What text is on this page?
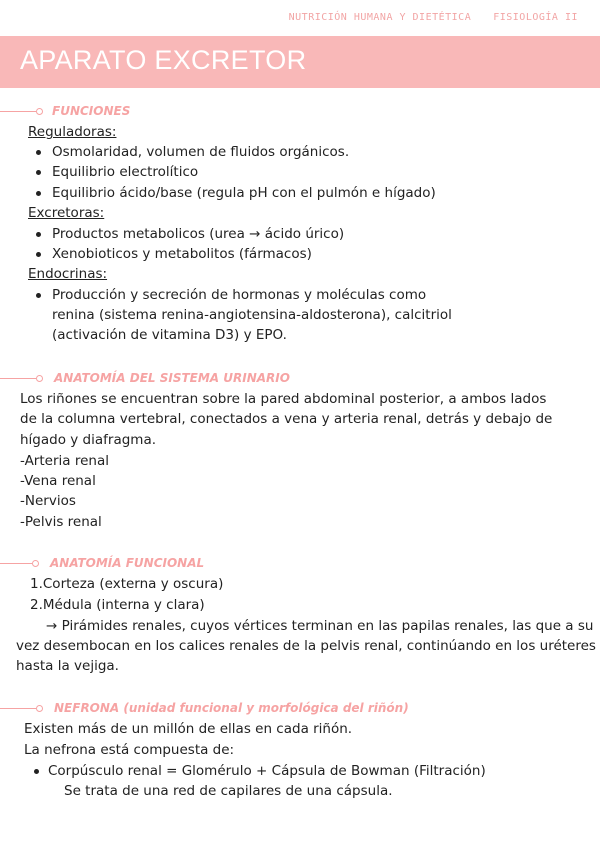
NUTRICIÓN HUMANA Y DIETÉTICA FISIOLOGÍA II
APARATO EXCRETOR
FUNCIONES
Reguladoras:
Osmolaridad, volumen de fluidos orgánicos.
Equilibrio electrolítico
Equilibrio ácido/base (regula pH con el pulmón e hígado)
Excretoras:
Productos metabolicos (urea → ácido úrico)
Xenobioticos y metabolitos (fármacos)
Endocrinas:
Producción y secreción de hormonas y moléculas como
renina (sistema renina-angiotensina-aldosterona), calcitriol
(activación de vitamina D3) y EPO.
ANATOMÍA DEL SISTEMA URINARIO
Los riñones se encuentran sobre la pared abdominal posterior, a ambos lados
de la columna vertebral, conectados a vena y arteria renal, detrás y debajo de
hígado y diafragma.
-Arteria renal
-Vena renal
-Nervios
-Pelvis renal
ANATOMÍA FUNCIONAL
1.Corteza (externa y oscura)
2.Médula (interna y clara)
→ Pirámides renales, cuyos vértices terminan en las papilas renales, las que a su
vez desembocan en los calices renales de la pelvis renal, continúando en los uréteres
hasta la vejiga.
NEFRONA (unidad funcional y morfológica del riñón)
Existen más de un millón de ellas en cada riñón.
La nefrona está compuesta de:
Corpúsculo renal = Glomérulo + Cápsula de Bowman (Filtración)
Se trata de una red de capilares de una cápsula.
